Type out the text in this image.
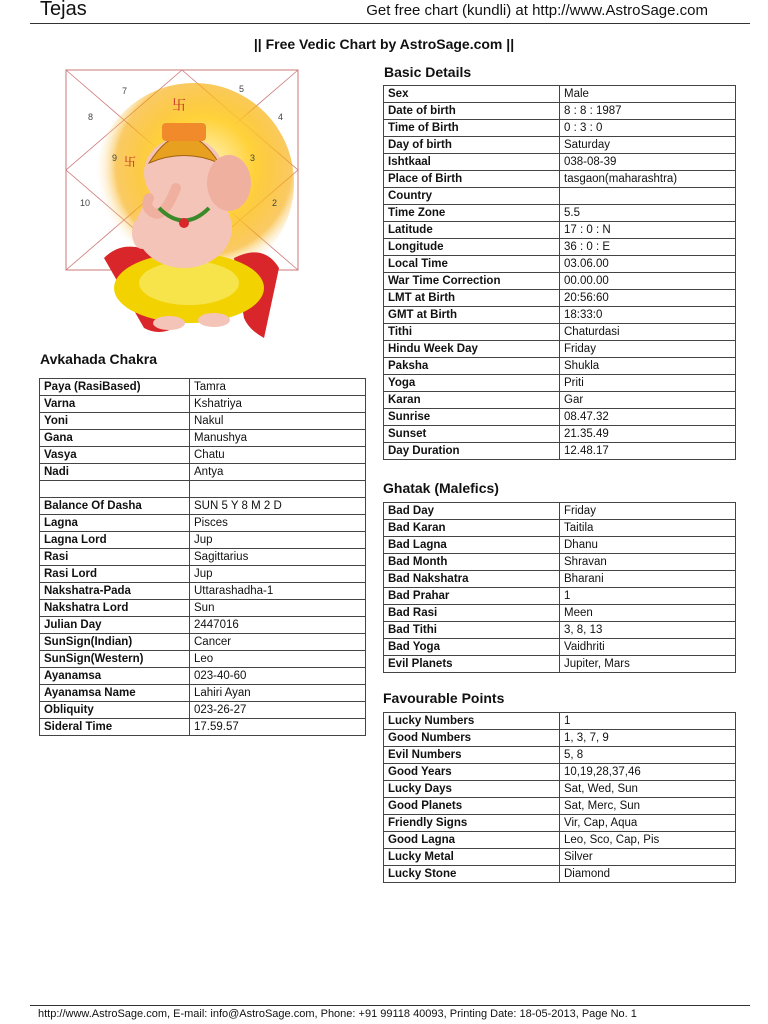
Tejas	Get free chart (kundli) at http://www.AstroSage.com
|| Free Vedic Chart by AstroSage.com ||
卐
卐
7	5
8	4
9	3
10	2
Basic Details
Sex	Male
Date of birth	8 : 8 : 1987
Time of Birth	0 : 3 : 0
Day of birth	Saturday
Ishtkaal	038-08-39
Place of Birth	tasgaon(maharashtra)
Country	
Time Zone	5.5
Latitude	17 : 0 : N
Longitude	36 : 0 : E
Local Time	03.06.00
War Time Correction	00.00.00
LMT at Birth	20:56:60
GMT at Birth	18:33:0
Tithi	Chaturdasi
Hindu Week Day	Friday
Paksha	Shukla
Yoga	Priti
Karan	Gar
Sunrise	08.47.32
Sunset	21.35.49
Day Duration	12.48.17
Avkahada Chakra
Paya (RasiBased)	Tamra
Varna	Kshatriya
Yoni	Nakul
Gana	Manushya
Vasya	Chatu
Nadi	Antya

Balance Of Dasha	SUN 5 Y 8 M 2 D
Lagna	Pisces
Lagna Lord	Jup
Rasi	Sagittarius
Rasi Lord	Jup
Nakshatra-Pada	Uttarashadha-1
Nakshatra Lord	Sun
Julian Day	2447016
SunSign(Indian)	Cancer
SunSign(Western)	Leo
Ayanamsa	023-40-60
Ayanamsa Name	Lahiri Ayan
Obliquity	023-26-27
Sideral Time	17.59.57
Ghatak (Malefics)
Bad Day	Friday
Bad Karan	Taitila
Bad Lagna	Dhanu
Bad Month	Shravan
Bad Nakshatra	Bharani
Bad Prahar	1
Bad Rasi	Meen
Bad Tithi	3, 8, 13
Bad Yoga	Vaidhriti
Evil Planets	Jupiter, Mars
Favourable Points
Lucky Numbers	1
Good Numbers	1, 3, 7, 9
Evil Numbers	5, 8
Good Years	10,19,28,37,46
Lucky Days	Sat, Wed, Sun
Good Planets	Sat, Merc, Sun
Friendly Signs	Vir, Cap, Aqua
Good Lagna	Leo, Sco, Cap, Pis
Lucky Metal	Silver
Lucky Stone	Diamond
http://www.AstroSage.com, E-mail: info@AstroSage.com, Phone: +91 99118 40093, Printing Date: 18-05-2013, Page No. 1
